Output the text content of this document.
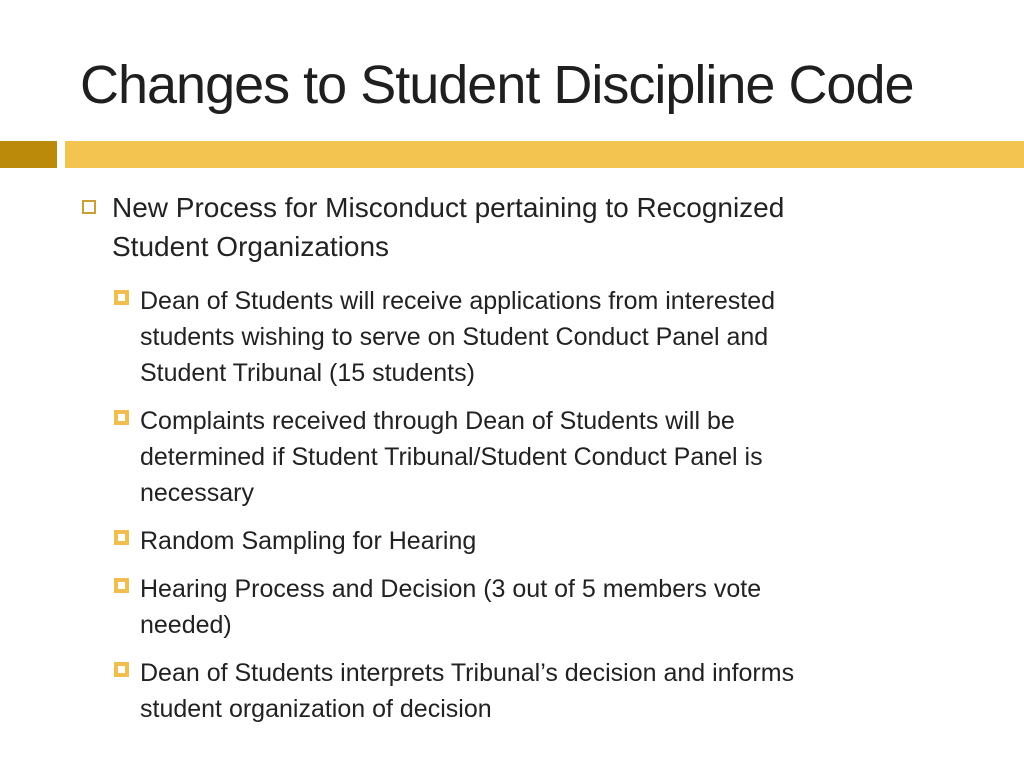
Changes to Student Discipline Code
New Process for Misconduct pertaining to Recognized
Student Organizations
Dean of Students will receive applications from interested
students wishing to serve on Student Conduct Panel and
Student Tribunal (15 students)
Complaints received through Dean of Students will be
determined if Student Tribunal/Student Conduct Panel is
necessary
Random Sampling for Hearing
Hearing Process and Decision (3 out of 5 members vote
needed)
Dean of Students interprets Tribunal’s decision and informs
student organization of decision
